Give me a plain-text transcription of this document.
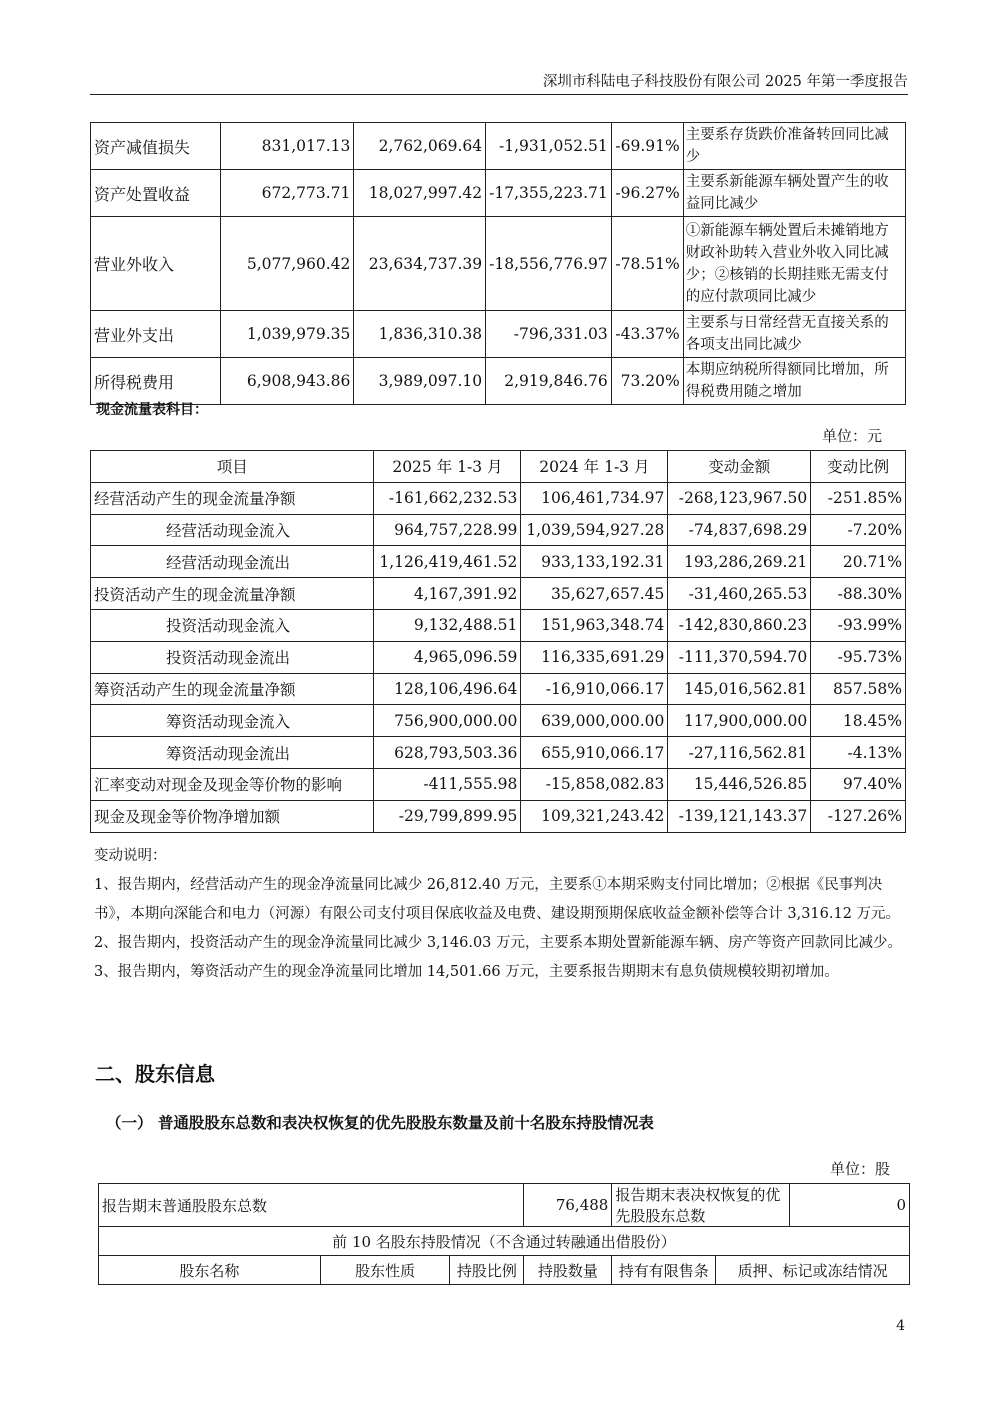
深圳市科陆电子科技股份有限公司 2025 年第一季度报告
资产减值损失	831,017.13	2,762,069.64	-1,931,052.51	-69.91%	主要系存货跌价准备转回同比减少
资产处置收益	672,773.71	18,027,997.42	-17,355,223.71	-96.27%	主要系新能源车辆处置产生的收益同比减少
营业外收入	5,077,960.42	23,634,737.39	-18,556,776.97	-78.51%	①新能源车辆处置后未摊销地方财政补助转入营业外收入同比减少；②核销的长期挂账无需支付的应付款项同比减少
营业外支出	1,039,979.35	1,836,310.38	-796,331.03	-43.37%	主要系与日常经营无直接关系的各项支出同比减少
所得税费用	6,908,943.86	3,989,097.10	2,919,846.76	73.20%	本期应纳税所得额同比增加，所得税费用随之增加
现金流量表科目：
单位：元
项目	2025 年 1-3 月	2024 年 1-3 月	变动金额	变动比例
经营活动产生的现金流量净额	-161,662,232.53	106,461,734.97	-268,123,967.50	-251.85%
经营活动现金流入	964,757,228.99	1,039,594,927.28	-74,837,698.29	-7.20%
经营活动现金流出	1,126,419,461.52	933,133,192.31	193,286,269.21	20.71%
投资活动产生的现金流量净额	4,167,391.92	35,627,657.45	-31,460,265.53	-88.30%
投资活动现金流入	9,132,488.51	151,963,348.74	-142,830,860.23	-93.99%
投资活动现金流出	4,965,096.59	116,335,691.29	-111,370,594.70	-95.73%
筹资活动产生的现金流量净额	128,106,496.64	-16,910,066.17	145,016,562.81	857.58%
筹资活动现金流入	756,900,000.00	639,000,000.00	117,900,000.00	18.45%
筹资活动现金流出	628,793,503.36	655,910,066.17	-27,116,562.81	-4.13%
汇率变动对现金及现金等价物的影响	-411,555.98	-15,858,082.83	15,446,526.85	97.40%
现金及现金等价物净增加额	-29,799,899.95	109,321,243.42	-139,121,143.37	-127.26%

变动说明：

1、报告期内，经营活动产生的现金净流量同比减少 26,812.40 万元，主要系①本期采购支付同比增加；②根据《民事判决书》，本期向深能合和电力（河源）有限公司支付项目保底收益及电费、建设期预期保底收益金额补偿等合计 3,316.12 万元。

2、报告期内，投资活动产生的现金净流量同比减少 3,146.03 万元，主要系本期处置新能源车辆、房产等资产回款同比减少。

3、报告期内，筹资活动产生的现金净流量同比增加 14,501.66 万元，主要系报告期期末有息负债规模较期初增加。

二、股东信息
（一） 普通股股东总数和表决权恢复的优先股股东数量及前十名股东持股情况表
单位：股
报告期末普通股股东总数			76,488	报告期末表决权恢复的优先股股东总数		0
前 10 名股东持股情况（不含通过转融通出借股份）						
股东名称	股东性质	持股比例	持股数量	持有有限售条	质押、标记或冻结情况	
4
